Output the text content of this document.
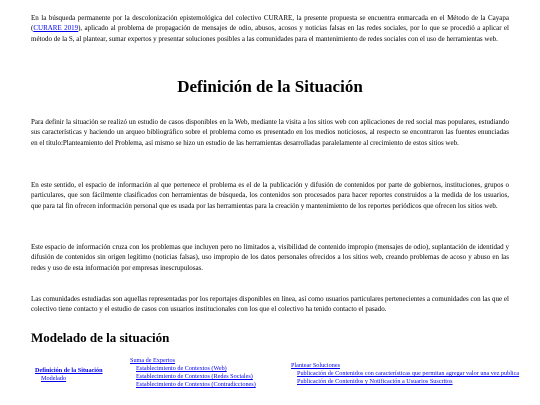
En la búsqueda permanente por la descolonización epistemológica del colectivo CURARE, la presente propuesta se encuentra enmarcada en el Método de la Cayapa (CURARE 2019), aplicado al problema de propagación de mensajes de odio, abusos, acosos y noticias falsas en las redes sociales, por lo que se procedió a aplicar el método de la S, al plantear, sumar expertos y presentar soluciones posibles a las comunidades para el mantenimiento de redes sociales con el uso de herramientas web.

Definición de la Situación

Para definir la situación se realizó un estudio de casos disponibles en la Web, mediante la visita a los sitios web con aplicaciones de red social mas populares, estudiando sus características y haciendo un arqueo bibliográfico sobre el problema como es presentado en los medios noticiosos, al respecto se encontraron las fuentes enunciadas en el título:Planteamiento del Problema, así mismo se hizo un estudio de las herramientas desarrolladas paralelamente al crecimiento de estos sitios web.

En este sentido, el espacio de información al que pertenece el problema es el de la publicación y difusión de contenidos por parte de gobiernos, instituciones, grupos o particulares, que son fácilmente clasificados con herramientas de búsqueda, los contenidos son procesados para hacer reportes construidos a la medida de los usuarios, que para tal fin ofrecen información personal que es usada por las herramientas para la creación y mantenimiento de los reportes periódicos que ofrecen los sitios web.

Este espacio de información cruza con los problemas que incluyen pero no limitados a, visibilidad de contenido impropio (mensajes de odio), suplantación de identidad y difusión de contenidos sin origen legítimo (noticias falsas), uso impropio de los datos personales ofrecidos a los sitios web, creando problemas de acoso y abuso en las redes y uso de esta información por empresas inescrupulosas.

Las comunidades estudiadas son aquellas representadas por los reportajes disponibles en línea, así como usuarios particulares pertenecientes a comunidades con las que el colectivo tiene contacto y el estudio de casos con usuarios institucionales con los que el colectivo ha tenido contacto el pasado.

Modelado de la situación
Definición de la Situación
Modelado
Suma de Expertos
Establecimiento de Contextos (Web)
Establecimiento de Contextos (Redes Sociales)
Establecimiento de Contextos (Contradicciones)
Plantear Soluciones
Publicación de Contenidos con características que permitan agregar valor una vez publica
Publicación de Contenidos y Notificación a Usuarios Suscritos
